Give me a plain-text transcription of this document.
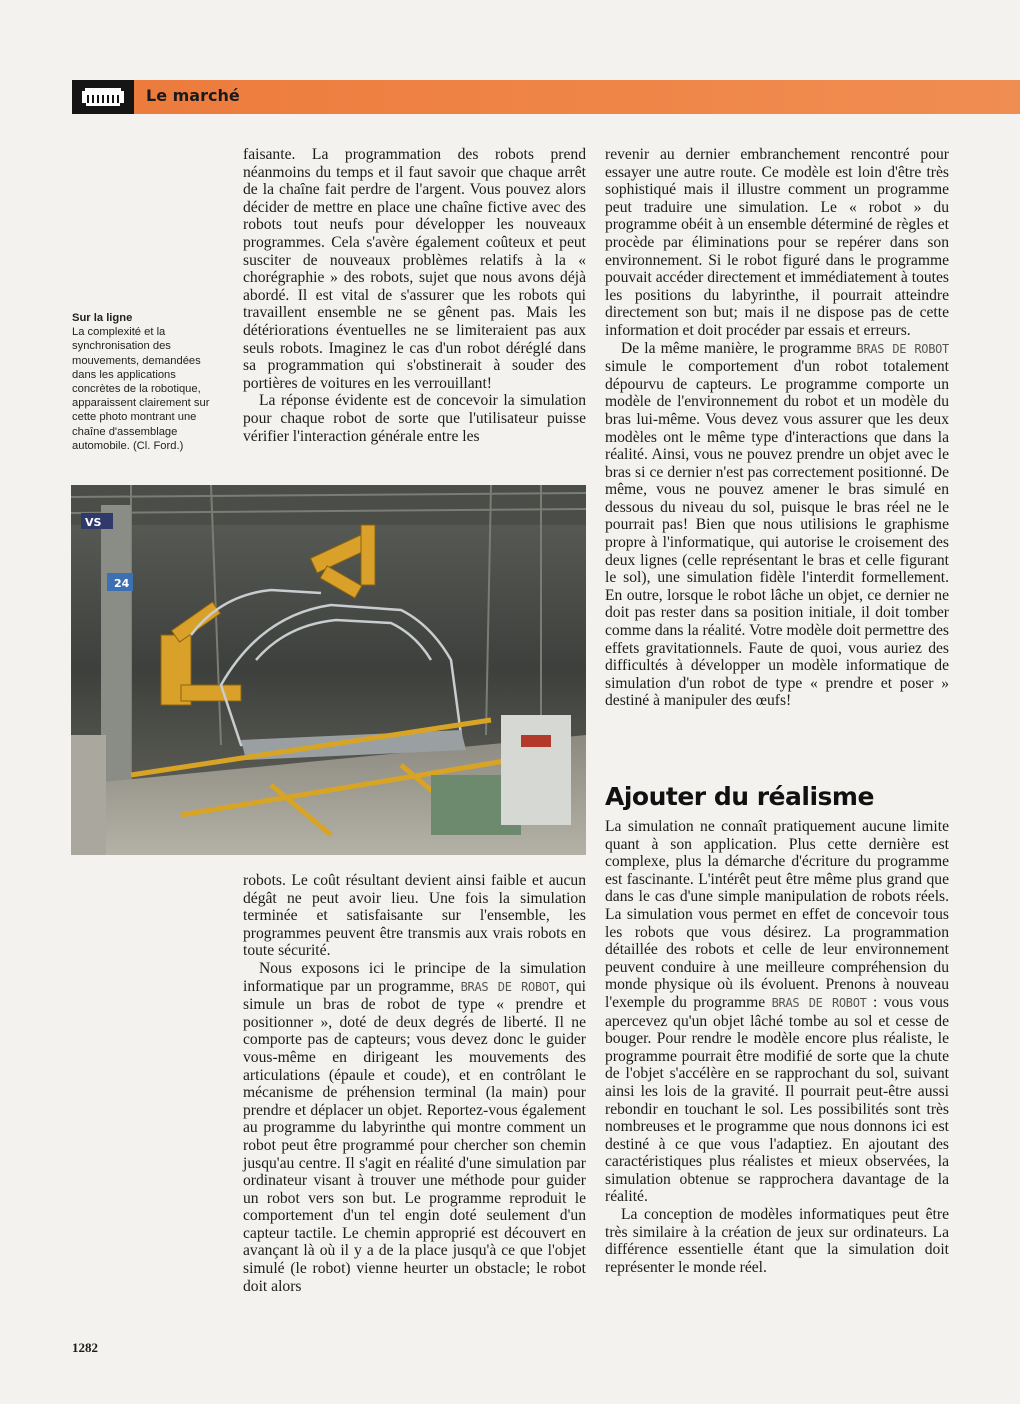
Le marché
Sur la ligne
La complexité et la synchronisation des mouvements, demandées dans les applications concrètes de la robotique, apparaissent clairement sur cette photo montrant une chaîne d'assemblage automobile. (Cl. Ford.)

faisante. La programmation des robots prend néanmoins du temps et il faut savoir que chaque arrêt de la chaîne fait perdre de l'argent. Vous pouvez alors décider de mettre en place une chaîne fictive avec des robots tout neufs pour développer les nouveaux programmes. Cela s'avère également coûteux et peut susciter de nouveaux problèmes relatifs à la « chorégraphie » des robots, sujet que nous avons déjà abordé. Il est vital de s'assurer que les robots qui travaillent ensemble ne se gênent pas. Mais les détériorations éventuelles ne se limiteraient pas aux seuls robots. Imaginez le cas d'un robot déréglé dans sa programmation qui s'obstinerait à souder des portières de voitures en les verrouillant!

La réponse évidente est de concevoir la simulation pour chaque robot de sorte que l'utilisateur puisse vérifier l'interaction générale entre les

VS
24

robots. Le coût résultant devient ainsi faible et aucun dégât ne peut avoir lieu. Une fois la simulation terminée et satisfaisante sur l'ensemble, les programmes peuvent être transmis aux vrais robots en toute sécurité.

Nous exposons ici le principe de la simulation informatique par un programme, BRAS DE ROBOT, qui simule un bras de robot de type « prendre et positionner », doté de deux degrés de liberté. Il ne comporte pas de capteurs; vous devez donc le guider vous-même en dirigeant les mouvements des articulations (épaule et coude), et en contrôlant le mécanisme de préhension terminal (la main) pour prendre et déplacer un objet. Reportez-vous également au programme du labyrinthe qui montre comment un robot peut être programmé pour chercher son chemin jusqu'au centre. Il s'agit en réalité d'une simulation par ordinateur visant à trouver une méthode pour guider un robot vers son but. Le programme reproduit le comportement d'un tel engin doté seulement d'un capteur tactile. Le chemin approprié est découvert en avançant là où il y a de la place jusqu'à ce que l'objet simulé (le robot) vienne heurter un obstacle; le robot doit alors

revenir au dernier embranchement rencontré pour essayer une autre route. Ce modèle est loin d'être très sophistiqué mais il illustre comment un programme peut traduire une simulation. Le « robot » du programme obéit à un ensemble déterminé de règles et procède par éliminations pour se repérer dans son environnement. Si le robot figuré dans le programme pouvait accéder directement et immédiatement à toutes les positions du labyrinthe, il pourrait atteindre directement son but; mais il ne dispose pas de cette information et doit procéder par essais et erreurs.

De la même manière, le programme BRAS DE ROBOT simule le comportement d'un robot totalement dépourvu de capteurs. Le programme comporte un modèle de l'environnement du robot et un modèle du bras lui-même. Vous devez vous assurer que les deux modèles ont le même type d'interactions que dans la réalité. Ainsi, vous ne pouvez prendre un objet avec le bras si ce dernier n'est pas correctement positionné. De même, vous ne pouvez amener le bras simulé en dessous du niveau du sol, puisque le bras réel ne le pourrait pas! Bien que nous utilisions le graphisme propre à l'informatique, qui autorise le croisement des deux lignes (celle représentant le bras et celle figurant le sol), une simulation fidèle l'interdit formellement. En outre, lorsque le robot lâche un objet, ce dernier ne doit pas rester dans sa position initiale, il doit tomber comme dans la réalité. Votre modèle doit permettre des effets gravitationnels. Faute de quoi, vous auriez des difficultés à développer un modèle informatique de simulation d'un robot de type « prendre et poser » destiné à manipuler des œufs!

Ajouter du réalisme

La simulation ne connaît pratiquement aucune limite quant à son application. Plus cette dernière est complexe, plus la démarche d'écriture du programme est fascinante. L'intérêt peut être même plus grand que dans le cas d'une simple manipulation de robots réels. La simulation vous permet en effet de concevoir tous les robots que vous désirez. La programmation détaillée des robots et celle de leur environnement peuvent conduire à une meilleure compréhension du monde physique où ils évoluent. Prenons à nouveau l'exemple du programme BRAS DE ROBOT : vous vous apercevez qu'un objet lâché tombe au sol et cesse de bouger. Pour rendre le modèle encore plus réaliste, le programme pourrait être modifié de sorte que la chute de l'objet s'accélère en se rapprochant du sol, suivant ainsi les lois de la gravité. Il pourrait peut-être aussi rebondir en touchant le sol. Les possibilités sont très nombreuses et le programme que nous donnons ici est destiné à ce que vous l'adaptiez. En ajoutant des caractéristiques plus réalistes et mieux observées, la simulation obtenue se rapprochera davantage de la réalité.

La conception de modèles informatiques peut être très similaire à la création de jeux sur ordinateurs. La différence essentielle étant que la simulation doit représenter le monde réel.

1282
